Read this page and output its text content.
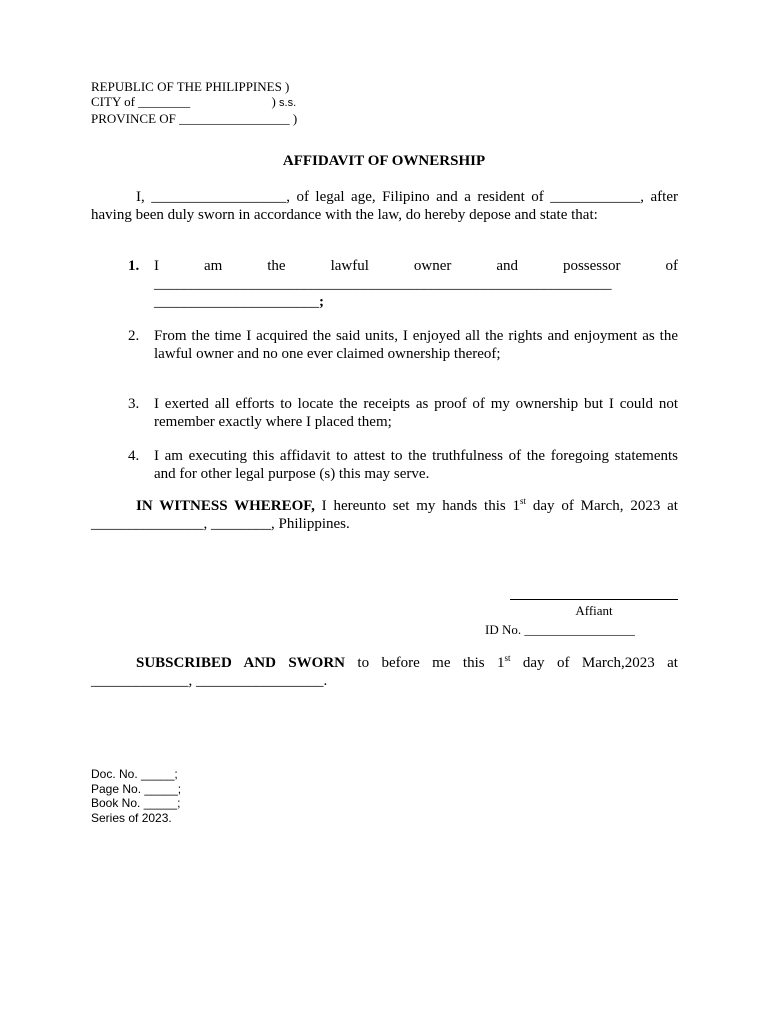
REPUBLIC OF THE PHILIPPINES )
CITY of ________                         ) s.s.
PROVINCE OF _________________ )
AFFIDAVIT OF OWNERSHIP
I, __________________, of legal age, Filipino and a resident of ____________, after having been duly sworn in accordance with the law, do hereby depose and state that:
1. I	am	the	lawful	owner	and	possessor	of
_____________________________________________________________
______________________;
2. From the time I acquired the said units, I enjoyed all the rights and enjoyment as the lawful owner and no one ever claimed ownership thereof;
3. I exerted all efforts to locate the receipts as proof of my ownership but I could not remember exactly where I placed them;
4. I am executing this affidavit to attest to the truthfulness of the foregoing statements and for other legal purpose (s) this may serve.
IN WITNESS WHEREOF, I hereunto set my hands this 1st day of March, 2023 at _______________, ________, Philippines.
Affiant
ID No. _________________
SUBSCRIBED AND SWORN to before me this 1st day of March,2023 at _____________, _________________.
Doc. No. _____;
Page No. _____;
Book No. _____;
Series of 2023.
